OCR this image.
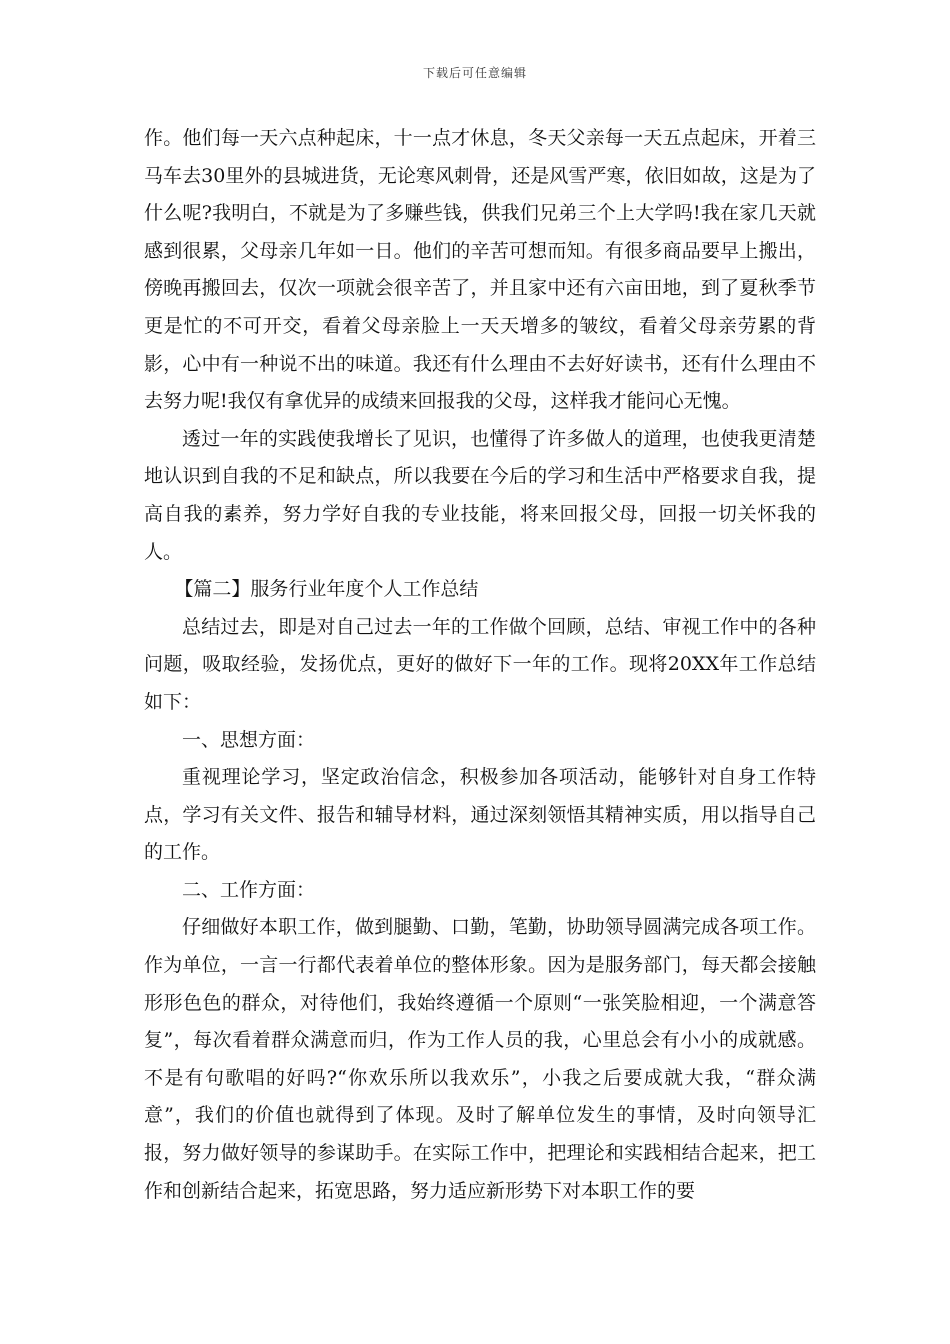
下载后可任意编辑

作。他们每一天六点种起床，十一点才休息，冬天父亲每一天五点起床，开着三马车去30里外的县城进货，无论寒风刺骨，还是风雪严寒，依旧如故，这是为了什么呢?我明白，不就是为了多赚些钱，供我们兄弟三个上大学吗!我在家几天就感到很累，父母亲几年如一日。他们的辛苦可想而知。有很多商品要早上搬出，傍晚再搬回去，仅次一项就会很辛苦了，并且家中还有六亩田地，到了夏秋季节更是忙的不可开交，看着父母亲脸上一天天增多的皱纹，看着父母亲劳累的背影，心中有一种说不出的味道。我还有什么理由不去好好读书，还有什么理由不去努力呢!我仅有拿优异的成绩来回报我的父母，这样我才能问心无愧。

透过一年的实践使我增长了见识，也懂得了许多做人的道理，也使我更清楚地认识到自我的不足和缺点，所以我要在今后的学习和生活中严格要求自我，提高自我的素养，努力学好自我的专业技能，将来回报父母，回报一切关怀我的人。

【篇二】服务行业年度个人工作总结

总结过去，即是对自己过去一年的工作做个回顾，总结、审视工作中的各种问题，吸取经验，发扬优点，更好的做好下一年的工作。现将20XX年工作总结如下：

一、思想方面：

重视理论学习，坚定政治信念，积极参加各项活动，能够针对自身工作特点，学习有关文件、报告和辅导材料，通过深刻领悟其精神实质，用以指导自己的工作。

二、工作方面：

仔细做好本职工作，做到腿勤、口勤，笔勤，协助领导圆满完成各项工作。作为单位，一言一行都代表着单位的整体形象。因为是服务部门，每天都会接触形形色色的群众，对待他们，我始终遵循一个原则“一张笑脸相迎，一个满意答复”，每次看着群众满意而归，作为工作人员的我，心里总会有小小的成就感。不是有句歌唱的好吗?“你欢乐所以我欢乐”，小我之后要成就大我，“群众满意”，我们的价值也就得到了体现。及时了解单位发生的事情，及时向领导汇报，努力做好领导的参谋助手。在实际工作中，把理论和实践相结合起来，把工作和创新结合起来，拓宽思路，努力适应新形势下对本职工作的要
